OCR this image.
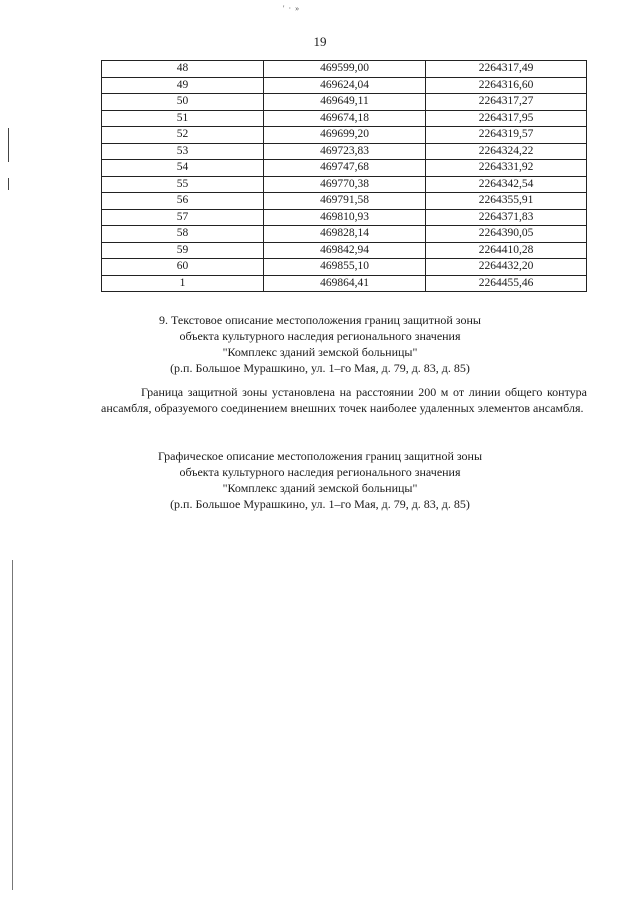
' · »
19
48	469599,00	2264317,49
49	469624,04	2264316,60
50	469649,11	2264317,27
51	469674,18	2264317,95
52	469699,20	2264319,57
53	469723,83	2264324,22
54	469747,68	2264331,92
55	469770,38	2264342,54
56	469791,58	2264355,91
57	469810,93	2264371,83
58	469828,14	2264390,05
59	469842,94	2264410,28
60	469855,10	2264432,20
1	469864,41	2264455,46
9. Текстовое описание местоположения границ защитной зоны
объекта культурного наследия регионального значения
"Комплекс зданий земской больницы"
(р.п. Большое Мурашкино, ул. 1–го Мая, д. 79, д. 83, д. 85)
Граница защитной зоны установлена на расстоянии 200 м от линии общего контура ансамбля, образуемого соединением внешних точек наиболее удаленных элементов ансамбля.
Графическое описание местоположения границ защитной зоны
объекта культурного наследия регионального значения
"Комплекс зданий земской больницы"
(р.п. Большое Мурашкино, ул. 1–го Мая, д. 79, д. 83, д. 85)
